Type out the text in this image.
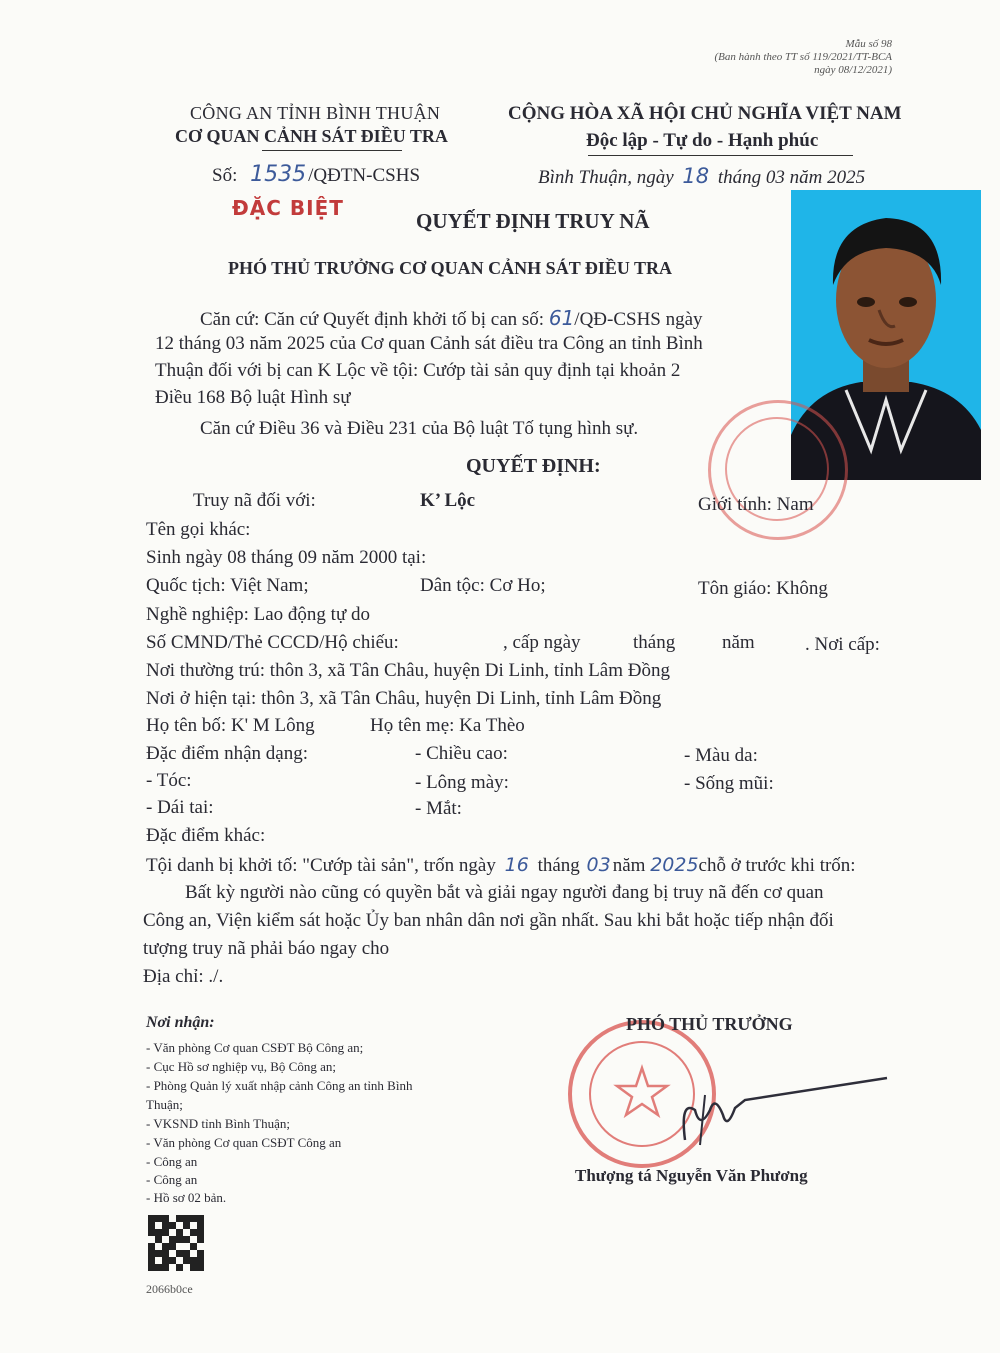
Mẫu số 98
(Ban hành theo TT số 119/2021/TT-BCA
ngày 08/12/2021)
CÔNG AN TỈNH BÌNH THUẬN
CƠ QUAN CẢNH SÁT ĐIỀU TRA
CỘNG HÒA XÃ HỘI CHỦ NGHĨA VIỆT NAM
Độc lập - Tự do - Hạnh phúc
Số: 1535 /QĐTN-CSHS	Bình Thuận, ngày 18 tháng 03 năm 2025
ĐẶC BIỆT
QUYẾT ĐỊNH TRUY NÃ
PHÓ THỦ TRƯỞNG CƠ QUAN CẢNH SÁT ĐIỀU TRA
Căn cứ: Căn cứ Quyết định khởi tố bị can số: 61/QĐ-CSHS ngày
12 tháng 03 năm 2025 của Cơ quan Cảnh sát điều tra Công an tỉnh Bình
Thuận đối với bị can K Lộc về tội: Cướp tài sản quy định tại khoản 2
Điều 168 Bộ luật Hình sự
Căn cứ Điều 36 và Điều 231 của Bộ luật Tố tụng hình sự.
QUYẾT ĐỊNH:
Truy nã đối với:	K’ Lộc	Giới tính: Nam
Tên gọi khác:
Sinh ngày 08 tháng 09 năm 2000 tại:
Quốc tịch: Việt Nam;	Dân tộc: Cơ Ho;	Tôn giáo: Không
Nghề nghiệp: Lao động tự do
Số CMND/Thẻ CCCD/Hộ chiếu:	, cấp ngày	tháng năm	. Nơi cấp:
Nơi thường trú: thôn 3, xã Tân Châu, huyện Di Linh, tỉnh Lâm Đồng
Nơi ở hiện tại: thôn 3, xã Tân Châu, huyện Di Linh, tỉnh Lâm Đồng
Họ tên bố: K' M Lông	Họ tên mẹ: Ka Thèo
Đặc điểm nhận dạng:	- Chiều cao:	- Màu da:
- Tóc:	- Lông mày:	- Sống mũi:
- Dái tai:	- Mắt:
Đặc điểm khác:
Tội danh bị khởi tố: "Cướp tài sản", trốn ngày 16 tháng 03 năm 2025chỗ ở trước khi trốn:
Bất kỳ người nào cũng có quyền bắt và giải ngay người đang bị truy nã đến cơ quan
Công an, Viện kiểm sát hoặc Ủy ban nhân dân nơi gần nhất. Sau khi bắt hoặc tiếp nhận đối
tượng truy nã phải báo ngay cho
Địa chỉ: ./.
Nơi nhận:
- Văn phòng Cơ quan CSĐT Bộ Công an;
- Cục Hồ sơ nghiệp vụ, Bộ Công an;
- Phòng Quản lý xuất nhập cảnh Công an tỉnh Bình
Thuận;
- VKSND tỉnh Bình Thuận;
- Văn phòng Cơ quan CSĐT Công an
- Công an
- Công an
- Hồ sơ 02 bản.
PHÓ THỦ TRƯỞNG
Thượng tá Nguyễn Văn Phương
2066b0ce
